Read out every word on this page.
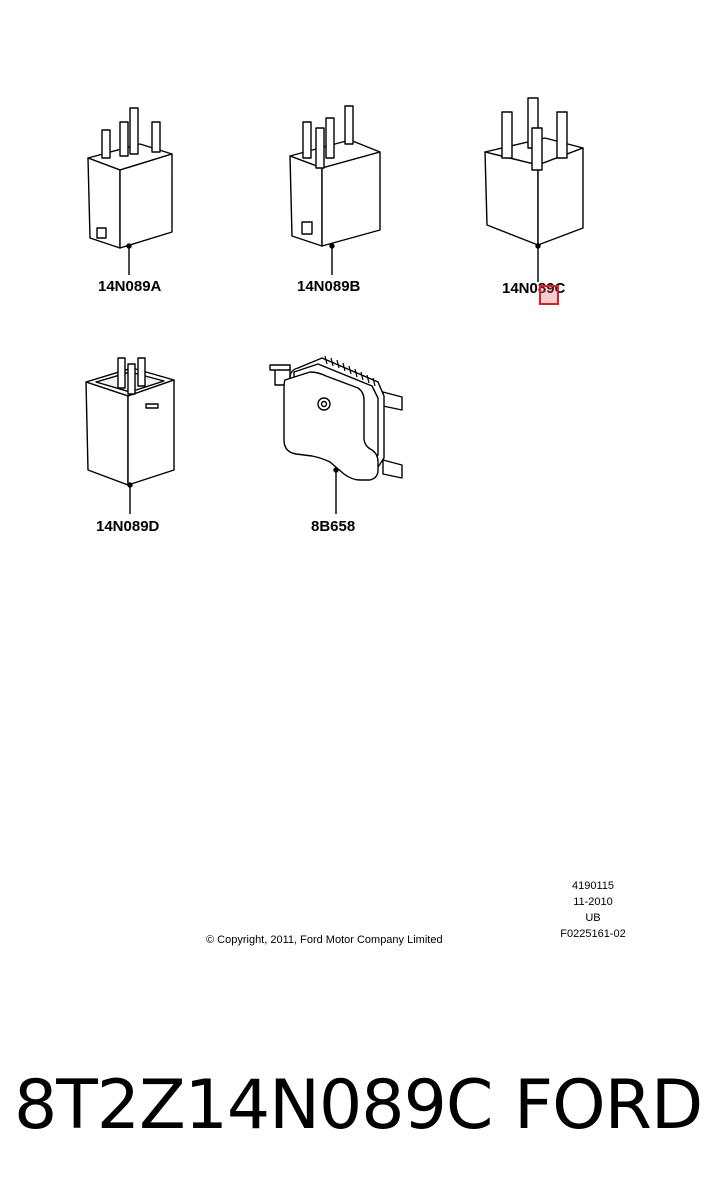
14N089A	14N089B	14N089C
14N089D	8B658
4190115
11-2010
UB
F0225161-02
© Copyright, 2011, Ford Motor Company Limited
8T2Z14N089C FORD
